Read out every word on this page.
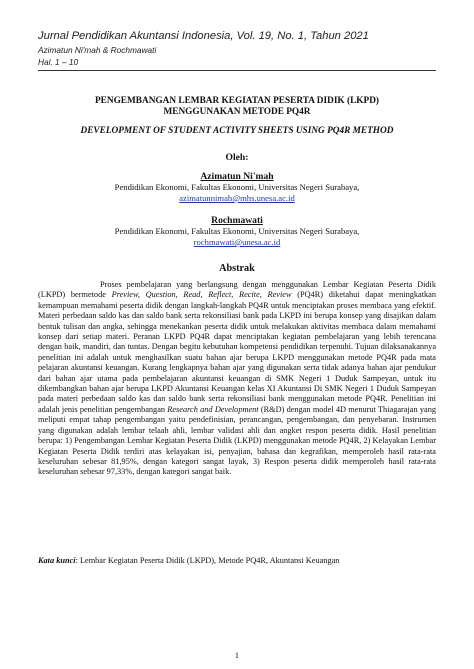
Jurnal Pendidikan Akuntansi Indonesia, Vol. 19, No. 1, Tahun 2021
Azimatun Ni'mah & Rochmawati
Hal. 1 – 10
PENGEMBANGAN LEMBAR KEGIATAN PESERTA DIDIK (LKPD)
MENGGUNAKAN METODE PQ4R
DEVELOPMENT OF STUDENT ACTIVITY SHEETS USING PQ4R METHOD
Oleh:
Azimatun Ni'mah
Pendidikan Ekonomi, Fakultas Ekonomi, Universitas Negeri Surabaya,
azimatunnimah@mhs.unesa.ac.id
Rochmawati
Pendidikan Ekonomi, Fakultas Ekonomi, Universitas Negeri Surabaya,
rochmawati@unesa.ac.id
Abstrak

Proses pembelajaran yang berlangsung dengan menggunakan Lembar Kegiatan Peserta Didik (LKPD) bermetode Preview, Question, Read, Reflect, Recite, Review (PQ4R) diketahui dapat meningkatkan kemampuan memahami peserta didik dengan langkah-langkah PQ4R untuk menciptakan proses membaca yang efektif. Materi perbedaan saldo kas dan saldo bank serta rekonsiliasi bank pada LKPD ini berupa konsep yang disajikan dalam bentuk tulisan dan angka, sehingga menekankan peserta didik untuk melakukan aktivitas membaca dalam memahami konsep dari setiap materi. Peranan LKPD PQ4R dapat menciptakan kegiatan pembelajaran yang lebih terencana dengan baik, mandiri, dan tuntas. Dengan begitu kebutuhan kompetensi pendidikan terpenuhi. Tujuan dilaksanakannya penelitian ini adalah untuk menghasilkan suatu bahan ajar berupa LKPD menggunakan metode PQ4R pada mata pelajaran akuntansi keuangan. Kurang lengkapnya bahan ajar yang digunakan serta tidak adanya bahan ajar pendukur dari bahan ajar utama pada pembelajaran akuntansi keuangan di SMK Negeri 1 Duduk Sampeyan, untuk itu dikembangkan bahan ajar berupa LKPD Akuntansi Keuangan kelas XI Akuntansi Di SMK Negeri 1 Duduk Sampeyan pada materi perbedaan saldo kas dan saldo bank serta rekonsiliasi bank menggunakan metode PQ4R. Penelitian ini adalah jenis penelitian pengembangan Research and Development (R&D) dengan model 4D menurut Thiagarajan yang meliputi empat tahap pengembangan yaitu pendefinisian, perancangan, pengembangan, dan penyebaran. Instrumen yang digunakan adalah lembar telaah ahli, lembar validasi ahli dan angket respon peserta didik. Hasil penelitian berupa: 1) Pengembangan Lembar Kegiatan Peserta Didik (LKPD) menggunakan metode PQ4R, 2) Kelayakan Lembar Kegiatan Peserta Didik terdiri atas kelayakan isi, penyajian, bahasa dan kegrafikan, memperoleh hasil rata-rata keseluruhan sebesar 81,95%, dengan kategori sangat layak, 3) Respon peserta didik memperoleh hasil rata-rata keseluruhan sebesar 97,33%, dengan kategori sangat baik.

Kata kunci: Lembar Kegiatan Peserta Didik (LKPD), Metode PQ4R, Akuntansi Keuangan

1
